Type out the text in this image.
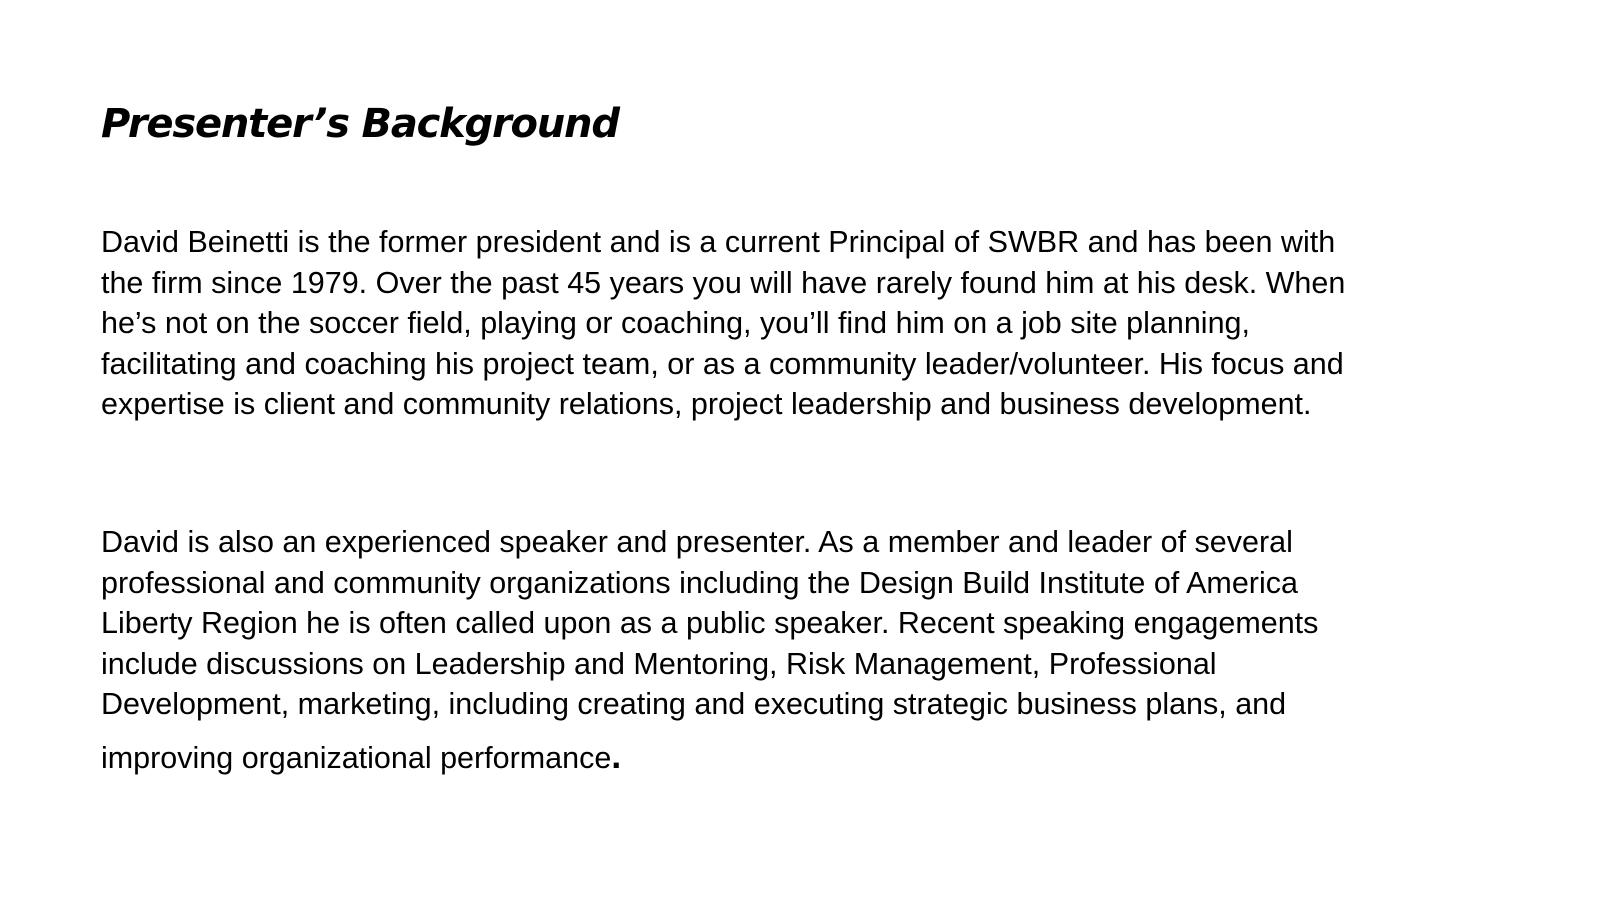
Presenter’s Background

David Beinetti is the former president and is a current Principal of SWBR and has been with
the firm since 1979. Over the past 45 years you will have rarely found him at his desk. When
he’s not on the soccer field, playing or coaching, you’ll find him on a job site planning,
facilitating and coaching his project team, or as a community leader/volunteer. His focus and
expertise is client and community relations, project leadership and business development.

David is also an experienced speaker and presenter. As a member and leader of several
professional and community organizations including the Design Build Institute of America
Liberty Region he is often called upon as a public speaker. Recent speaking engagements
include discussions on Leadership and Mentoring, Risk Management, Professional
Development, marketing, including creating and executing strategic business plans, and
improving organizational performance.
